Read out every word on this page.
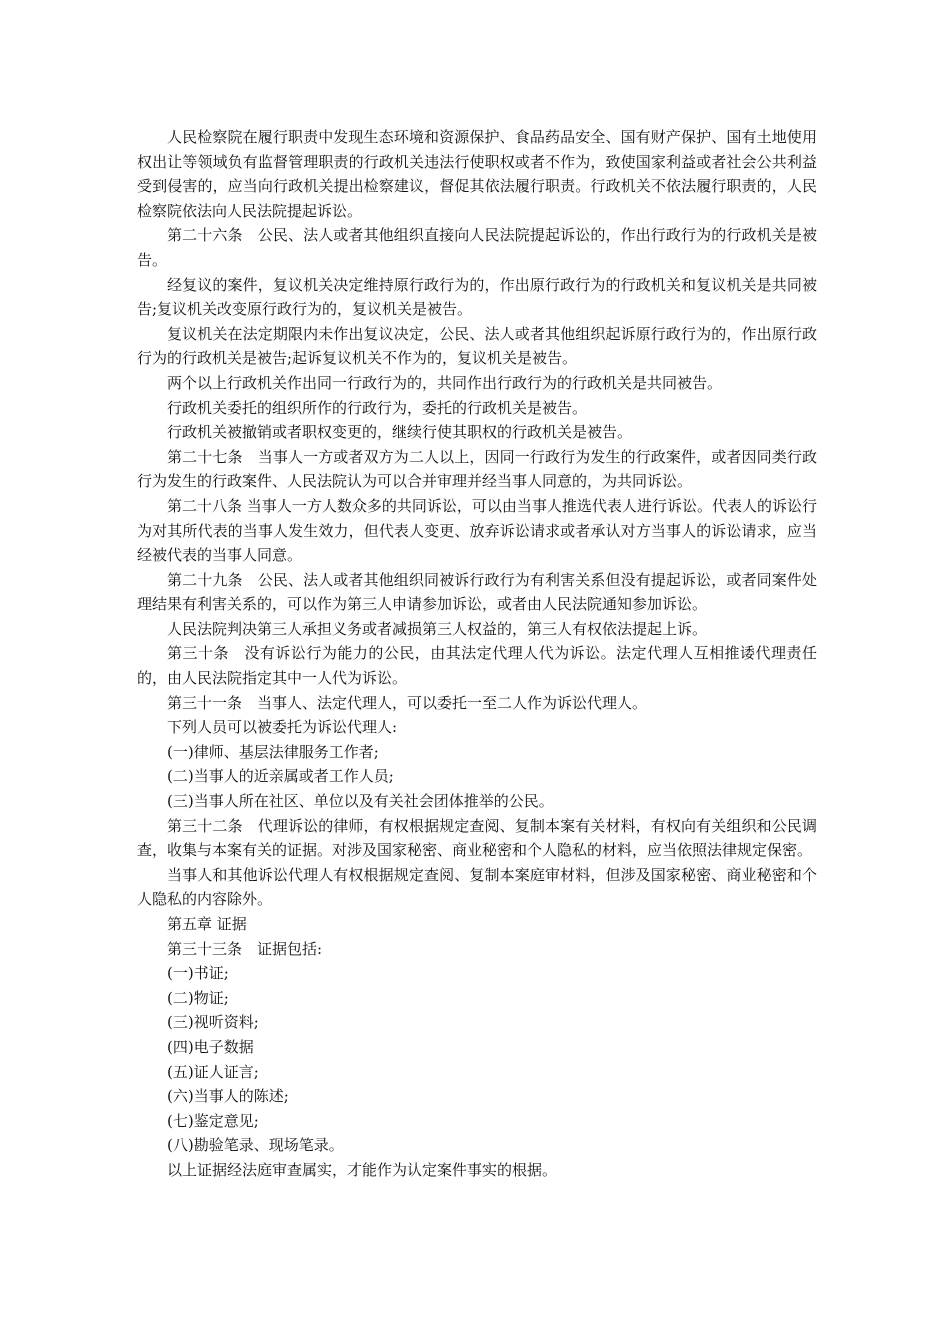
人民检察院在履行职责中发现生态环境和资源保护、食品药品安全、国有财产保护、国有土地使用权出让等领域负有监督管理职责的行政机关违法行使职权或者不作为，致使国家利益或者社会公共利益受到侵害的，应当向行政机关提出检察建议，督促其依法履行职责。行政机关不依法履行职责的，人民检察院依法向人民法院提起诉讼。

第二十六条　公民、法人或者其他组织直接向人民法院提起诉讼的，作出行政行为的行政机关是被告。

经复议的案件，复议机关决定维持原行政行为的，作出原行政行为的行政机关和复议机关是共同被告;复议机关改变原行政行为的，复议机关是被告。

复议机关在法定期限内未作出复议决定，公民、法人或者其他组织起诉原行政行为的，作出原行政行为的行政机关是被告;起诉复议机关不作为的，复议机关是被告。

两个以上行政机关作出同一行政行为的，共同作出行政行为的行政机关是共同被告。

行政机关委托的组织所作的行政行为，委托的行政机关是被告。

行政机关被撤销或者职权变更的，继续行使其职权的行政机关是被告。

第二十七条　当事人一方或者双方为二人以上，因同一行政行为发生的行政案件，或者因同类行政行为发生的行政案件、人民法院认为可以合并审理并经当事人同意的，为共同诉讼。

第二十八条 当事人一方人数众多的共同诉讼，可以由当事人推选代表人进行诉讼。代表人的诉讼行为对其所代表的当事人发生效力，但代表人变更、放弃诉讼请求或者承认对方当事人的诉讼请求，应当经被代表的当事人同意。

第二十九条　公民、法人或者其他组织同被诉行政行为有利害关系但没有提起诉讼，或者同案件处理结果有利害关系的，可以作为第三人申请参加诉讼，或者由人民法院通知参加诉讼。

人民法院判决第三人承担义务或者减损第三人权益的，第三人有权依法提起上诉。

第三十条　没有诉讼行为能力的公民，由其法定代理人代为诉讼。法定代理人互相推诿代理责任的，由人民法院指定其中一人代为诉讼。

第三十一条　当事人、法定代理人，可以委托一至二人作为诉讼代理人。

下列人员可以被委托为诉讼代理人:

(一)律师、基层法律服务工作者;

(二)当事人的近亲属或者工作人员;

(三)当事人所在社区、单位以及有关社会团体推举的公民。

第三十二条　代理诉讼的律师，有权根据规定查阅、复制本案有关材料，有权向有关组织和公民调查，收集与本案有关的证据。对涉及国家秘密、商业秘密和个人隐私的材料，应当依照法律规定保密。

当事人和其他诉讼代理人有权根据规定查阅、复制本案庭审材料，但涉及国家秘密、商业秘密和个人隐私的内容除外。

第五章 证据

第三十三条　证据包括:

(一)书证;

(二)物证;

(三)视听资料;

(四)电子数据

(五)证人证言;

(六)当事人的陈述;

(七)鉴定意见;

(八)勘验笔录、现场笔录。

以上证据经法庭审查属实，才能作为认定案件事实的根据。
